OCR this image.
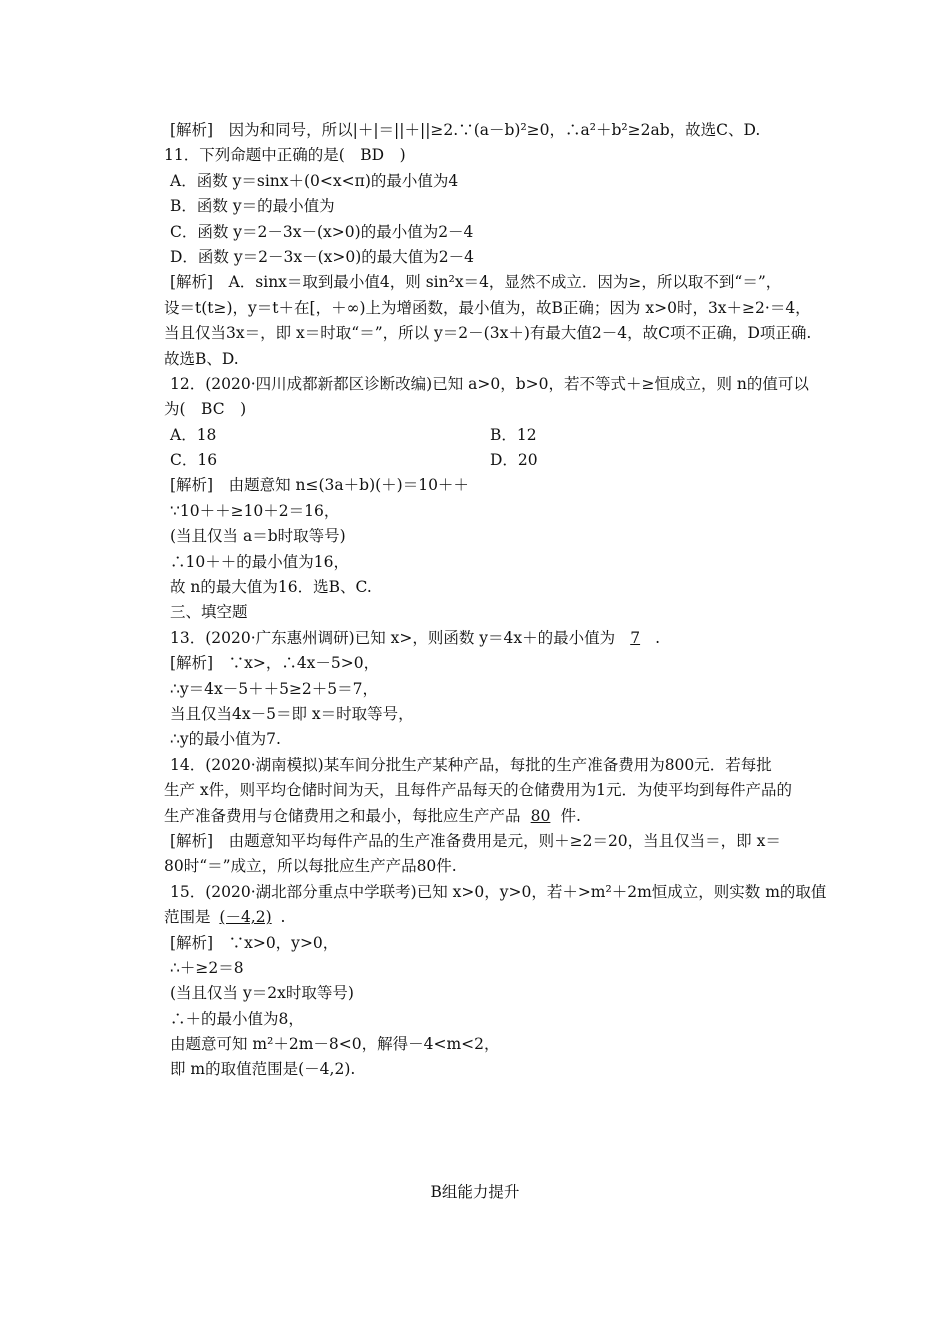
[解析]　因为和同号，所以|＋|＝||＋||≥2.∵(a－b)²≥0，∴a²＋b²≥2ab，故选C、D.
11．下列命题中正确的是(　BD　)
A．函数 y＝sinx＋(0<x<π)的最小值为4
B．函数 y＝的最小值为
C．函数 y＝2－3x－(x>0)的最小值为2－4
D．函数 y＝2－3x－(x>0)的最大值为2－4
[解析]　A．sinx＝取到最小值4，则 sin²x＝4，显然不成立．因为≥，所以取不到“＝”，
设＝t(t≥)，y＝t＋在[，＋∞)上为增函数，最小值为，故B正确；因为 x>0时，3x＋≥2·＝4，
当且仅当3x＝，即 x＝时取“＝”，所以 y＝2－(3x＋)有最大值2－4，故C项不正确，D项正确.
故选B、D.
12．(2020·四川成都新都区诊断改编)已知 a>0，b>0，若不等式＋≥恒成立，则 n的值可以
为(　BC　)
A．18	B．12
C．16	D．20
[解析]　由题意知 n≤(3a＋b)(＋)＝10＋＋
∵10＋＋≥10＋2＝16，
(当且仅当 a＝b时取等号)
∴10＋＋的最小值为16，
故 n的最大值为16．选B、C.
三、填空题
13．(2020·广东惠州调研)已知 x>，则函数 y＝4x＋的最小值为 7 .
[解析]　∵x>，∴4x－5>0，
∴y＝4x－5＋＋5≥2＋5＝7，
当且仅当4x－5＝即 x＝时取等号，
∴y的最小值为7.
14．(2020·湖南模拟)某车间分批生产某种产品，每批的生产准备费用为800元．若每批
生产 x件，则平均仓储时间为天，且每件产品每天的仓储费用为1元．为使平均到每件产品的
生产准备费用与仓储费用之和最小，每批应生产产品 80 件.
[解析]　由题意知平均每件产品的生产准备费用是元，则＋≥2＝20，当且仅当＝，即 x＝
80时“＝”成立，所以每批应生产产品80件.
15．(2020·湖北部分重点中学联考)已知 x>0，y>0，若＋>m²＋2m恒成立，则实数 m的取值
范围是 (－4,2) .
[解析]　∵x>0，y>0，
∴＋≥2＝8
(当且仅当 y＝2x时取等号)
∴＋的最小值为8，
由题意可知 m²＋2m－8<0，解得－4<m<2，
即 m的取值范围是(－4,2).
B组能力提升
